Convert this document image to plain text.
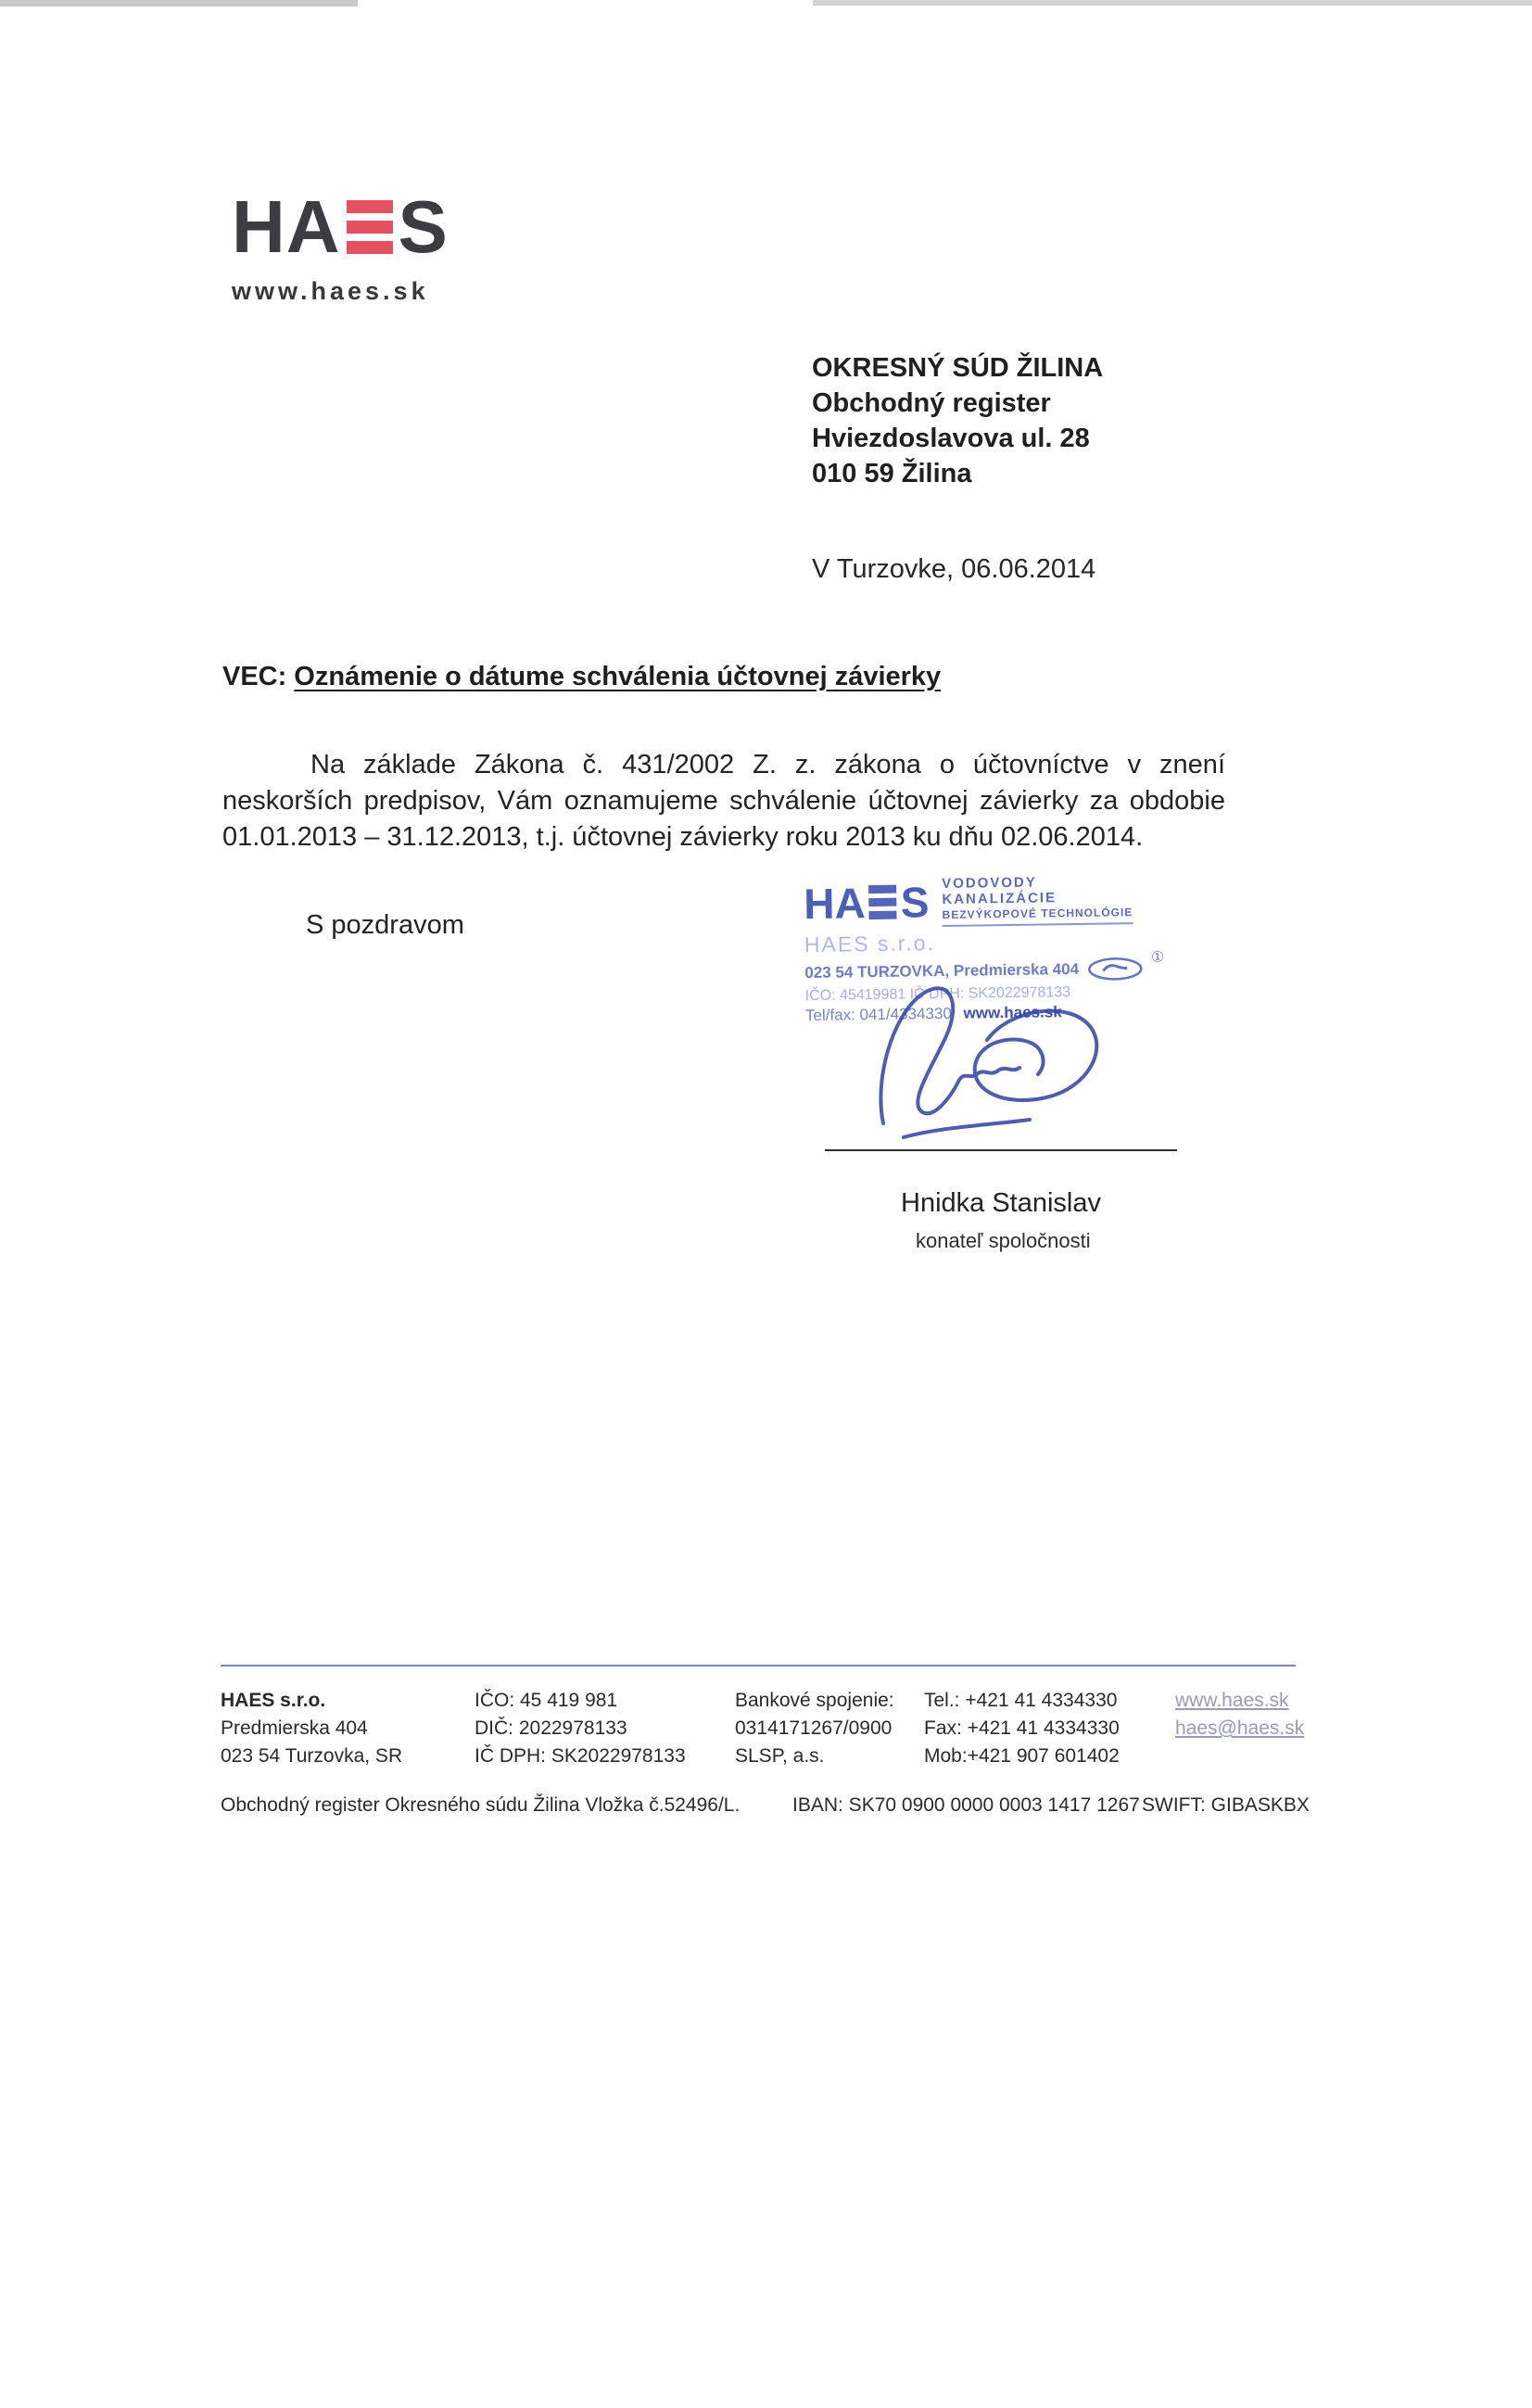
HA S
www.haes.sk
OKRESNÝ SÚD ŽILINA
Obchodný register
Hviezdoslavova ul. 28
010 59 Žilina
V Turzovke, 06.06.2014
VEC: Oznámenie o dátume schválenia účtovnej závierky
Na základe Zákona č. 431/2002 Z. z. zákona o účtovníctve v znení neskorších predpisov, Vám oznamujeme schválenie účtovnej závierky za obdobie 01.01.2013 – 31.12.2013, t.j. účtovnej závierky roku 2013 ku dňu 02.06.2014.
S pozdravom	HA S VODOVODY
KANALIZÁCIE
BEZVÝKOPOVÉ TECHNOLÓGIE
HAES s.r.o.
023 54 TURZOVKA, Predmierska 404
①
IČO: 45419981 IČ DPH: SK2022978133
Tel/fax: 041/4334330 www.haes.sk
Hnidka Stanislav
konateľ spoločnosti
HAES s.r.o.
Predmierska 404
023 54 Turzovka, SR
IČO: 45 419 981
DIČ: 2022978133
IČ DPH: SK2022978133
Bankové spojenie:
0314171267/0900
SLSP, a.s.
Tel.: +421 41 4334330
Fax: +421 41 4334330
Mob:+421 907 601402
www.haes.sk
haes@haes.sk
Obchodný register Okresného súdu Žilina Vložka č.52496/L.	IBAN: SK70 0900 0000 0003 1417 1267 SWIFT: GIBASKBX
